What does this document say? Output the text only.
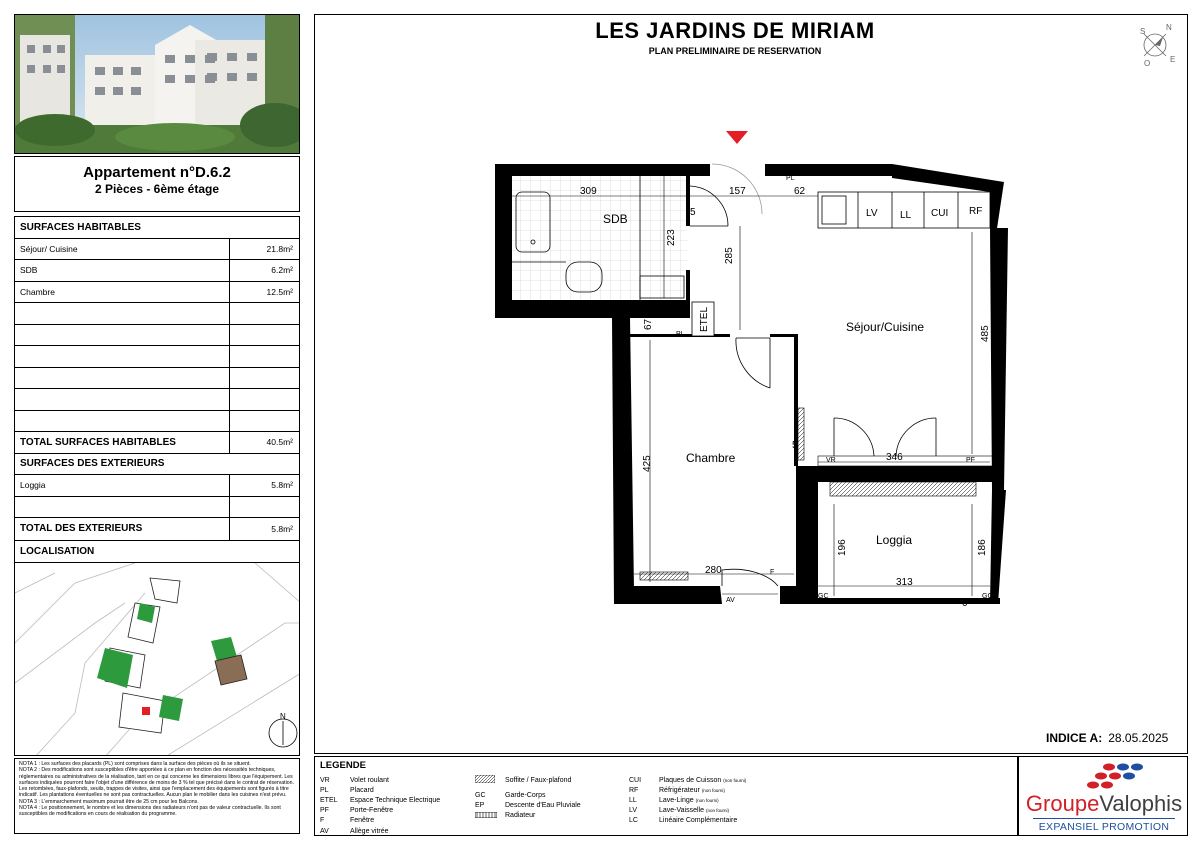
Appartement n°D.6.2
2 Pièces - 6ème étage
SURFACES HABITABLES
Séjour/ Cuisine	21.8m²
SDB	6.2m²
Chambre	12.5m²
TOTAL SURFACES HABITABLES	40.5m²
SURFACES DES EXTERIEURS
Loggia	5.8m²
TOTAL DES EXTERIEURS	5.8m²
LOCALISATION
N
NOTA 1 : Les surfaces des placards (PL) sont comprises dans la surface des pièces où ils se situent.
NOTA 2 : Des modifications sont susceptibles d'être apportées à ce plan en fonction des nécessités techniques, réglementaires ou administratives de la réalisation, tant en ce qui concerne les dimensions libres que l'équipement. Les surfaces indiquées pourront faire l'objet d'une différence de moins de 3 % tel que précisé dans le contrat de réservation. Les retombées, faux-plafonds, seuils, trappes de visites, ainsi que l'emplacement des équipements sont figurés à titre indicatif. Les plantations éventuelles ne sont pas contractuelles. Aucun plan le mobilier dans les cuisines n'est prévu.
NOTA 3 : L'emmarchement maximum pourrait être de 25 cm pour les Balcons.
NOTA 4 : Le positionnement, le nombre et les dimensions des radiateurs n'ont pas de valeur contractuelle. Ils sont susceptibles de modifications en cours de réalisation du programme.
LES JARDINS DE MIRIAM
PLAN PRELIMINAIRE DE RESERVATION
N
E
S
O
ETEL
309	157	62
223
285
5
67
485
425
5
346
196	186
313
280
0
SDB
Séjour/Cuisine
Chambre
Loggia
LV LL CUI RF
PL
PL
VR	PF
AV
F
GC	GC
INDICE A: 28.05.2025
LEGENDE
VR	Volet roulant
PL	Placard
ETEL	Espace Technique Electrique
PF	Porte-Fenêtre
F	Fenêtre
AV	Allège vitrée
Soffite / Faux-plafond
GC	Garde-Corps
EP	Descente d'Eau Pluviale
Radiateur
CUI	Plaques de Cuisson
(non fourni)
RF	Réfrigérateur
(non fourni)
LL	Lave-Linge
(non fourni)
LV	Lave-Vaisselle
(non fourni)
LC	Linéaire Complémentaire
GroupeValophis
EXPANSIEL PROMOTION
